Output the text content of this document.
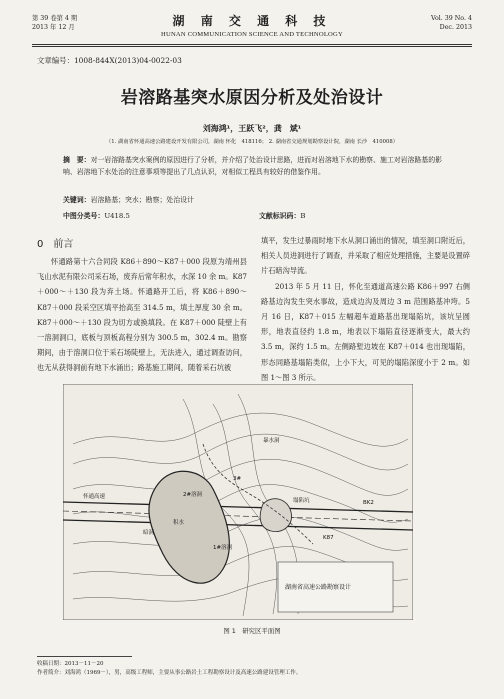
第 39 卷第 4 期
2013 年 12 月	湖 南 交 通 科 技
HUNAN COMMUNICATION SCIENCE AND TECHNOLOGY
Vol. 39 No. 4
Dec. 2013
文章编号：1008-844X(2013)04-0022-03
岩溶路基突水原因分析及处治设计
刘海鸿¹，王跃飞²，龚　斌¹
（1. 湖南省怀通高速公路建设开发有限公司，湖南 怀化　418116； 2. 湖南省交通规划勘察设计院，湖南 长沙　410008）
摘　要：对一岩溶路基突水案例的原因进行了分析，并介绍了处治设计思路，进而对岩溶地下水的勘察、施工对岩溶路基的影响、岩溶地下水处治的注意事项等提出了几点认识，对相似工程具有较好的借鉴作用。
关键词：岩溶路基；突水；勘察；处治设计
中图分类号：U418.5	文献标识码：B
0　前言

怀通路第十六合同段 K86＋890～K87＋000 段原为靖州县飞山水泥有限公司采石场，废弃后常年积水，水深 10 余 m。K87＋000～＋130 段为弃土场。怀通路开工后，将 K86＋890～K87＋000 段采空区填平抬高至 314.5 m，填土厚度 30 余 m。K87＋000～＋130 段为切方或换填段。在 K87＋000 陡壁上有一溶洞洞口，底板与顶板高程分别为 300.5 m，302.4 m。勘察期间，由于溶洞口位于采石场陡壁上，无法进入，通过调查访问，也无从获得洞前有地下水涌出；路基施工期间，随着采石坑被

填平，发生过暴雨时地下水从洞口涌出的情况，填至洞口附近后，相关人员进洞进行了调查，并采取了相应处理措施，主要是设置碎片石暗沟导流。

2013 年 5 月 11 日，怀化至通道高速公路 K86＋997 右侧路基边沟发生突水事故，造成边沟及周边 3 m 范围路基冲垮。5 月 16 日，K87＋015 左幅超车道路基出现塌陷坑，该坑呈圆形，地表直径约 1.8 m，地表以下塌陷直径逐渐变大，最大约 3.5 m，深约 1.5 m。左侧路堑边坡在 K87＋014 也出现塌陷，形态同路基塌陷类似，上小下大，可见的塌陷深度小于 2 m。如图 1～图 3 所示。

暴水洞
2#溶洞
3#
1#溶洞
暗洞
塌陷坑
积水
怀通高速
BK2
K87
湖南省高速公路勘察设计
图 1　研究区平面图
收稿日期：2013－11－20
作者简介：刘海鸿（1969－），男，高级工程师，主要从事公路岩土工程勘察设计及高速公路建设管理工作。
